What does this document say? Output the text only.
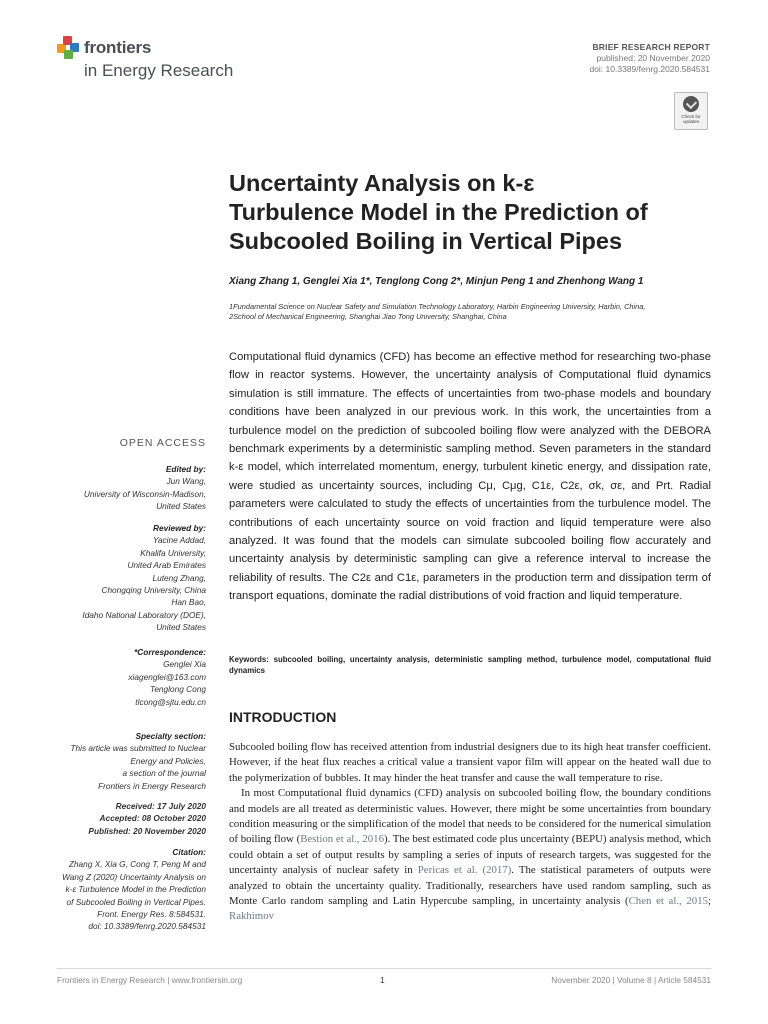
frontiers
in Energy Research
BRIEF RESEARCH REPORT
published: 20 November 2020
doi: 10.3389/fenrg.2020.584531
Check for updates
Uncertainty Analysis on k-ε
Turbulence Model in the Prediction of
Subcooled Boiling in Vertical Pipes
Xiang Zhang 1, Genglei Xia 1*, Tenglong Cong 2*, Minjun Peng 1 and Zhenhong Wang 1
1Fundamental Science on Nuclear Safety and Simulation Technology Laboratory, Harbin Engineering University, Harbin, China,
2School of Mechanical Engineering, Shanghai Jiao Tong University, Shanghai, China
Computational fluid dynamics (CFD) has become an effective method for researching two-phase flow in reactor systems. However, the uncertainty analysis of Computational fluid dynamics simulation is still immature. The effects of uncertainties from two-phase models and boundary conditions have been analyzed in our previous work. In this work, the uncertainties from a turbulence model on the prediction of subcooled boiling flow were analyzed with the DEBORA benchmark experiments by a deterministic sampling method. Seven parameters in the standard k-ε model, which interrelated momentum, energy, turbulent kinetic energy, and dissipation rate, were studied as uncertainty sources, including Cμ, Cμg, C1ε, C2ε, σk, σε, and Prt. Radial parameters were calculated to study the effects of uncertainties from the turbulence model. The contributions of each uncertainty source on void fraction and liquid temperature were also analyzed. It was found that the models can simulate subcooled boiling flow accurately and uncertainty analysis by deterministic sampling can give a reference interval to increase the reliability of results. The C2ε and C1ε, parameters in the production term and dissipation term of transport equations, dominate the radial distributions of void fraction and liquid temperature.
Keywords: subcooled boiling, uncertainty analysis, deterministic sampling method, turbulence model, computational fluid dynamics
OPEN ACCESS
Edited by:
Jun Wang,
University of Wisconsin-Madison,
United States
Reviewed by:
Yacine Addad,
Khalifa University,
United Arab Emirates
Luteng Zhang,
Chongqing University, China
Han Bao,
Idaho National Laboratory (DOE),
United States
*Correspondence:
Genglei Xia
xiagenglei@163.com
Tenglong Cong
tlcong@sjtu.edu.cn
Specialty section:
This article was submitted to Nuclear
Energy and Policies,
a section of the journal
Frontiers in Energy Research
Received: 17 July 2020
Accepted: 08 October 2020
Published: 20 November 2020
Citation:
Zhang X, Xia G, Cong T, Peng M and
Wang Z (2020) Uncertainty Analysis on
k-ε Turbulence Model in the Prediction
of Subcooled Boiling in Vertical Pipes.
Front. Energy Res. 8:584531.
doi: 10.3389/fenrg.2020.584531
INTRODUCTION

Subcooled boiling flow has received attention from industrial designers due to its high heat transfer coefficient. However, if the heat flux reaches a critical value a transient vapor film will appear on the heated wall due to the polymerization of bubbles. It may hinder the heat transfer and cause the wall temperature to rise.

In most Computational fluid dynamics (CFD) analysis on subcooled boiling flow, the boundary conditions and models are all treated as deterministic values. However, there might be some uncertainties from boundary condition measuring or the simplification of the model that needs to be considered for the numerical simulation of boiling flow (Bestion et al., 2016). The best estimated code plus uncertainty (BEPU) analysis method, which could obtain a set of output results by sampling a series of inputs of research targets, was suggested for the uncertainty analysis of nuclear safety in Pericas et al. (2017). The statistical parameters of outputs were analyzed to obtain the uncertainty quality. Traditionally, researchers have used random sampling, such as Monte Carlo random sampling and Latin Hypercube sampling, in uncertainty analysis (Chen et al., 2015; Rakhimov

Frontiers in Energy Research | www.frontiersin.org	1	November 2020 | Volume 8 | Article 584531
